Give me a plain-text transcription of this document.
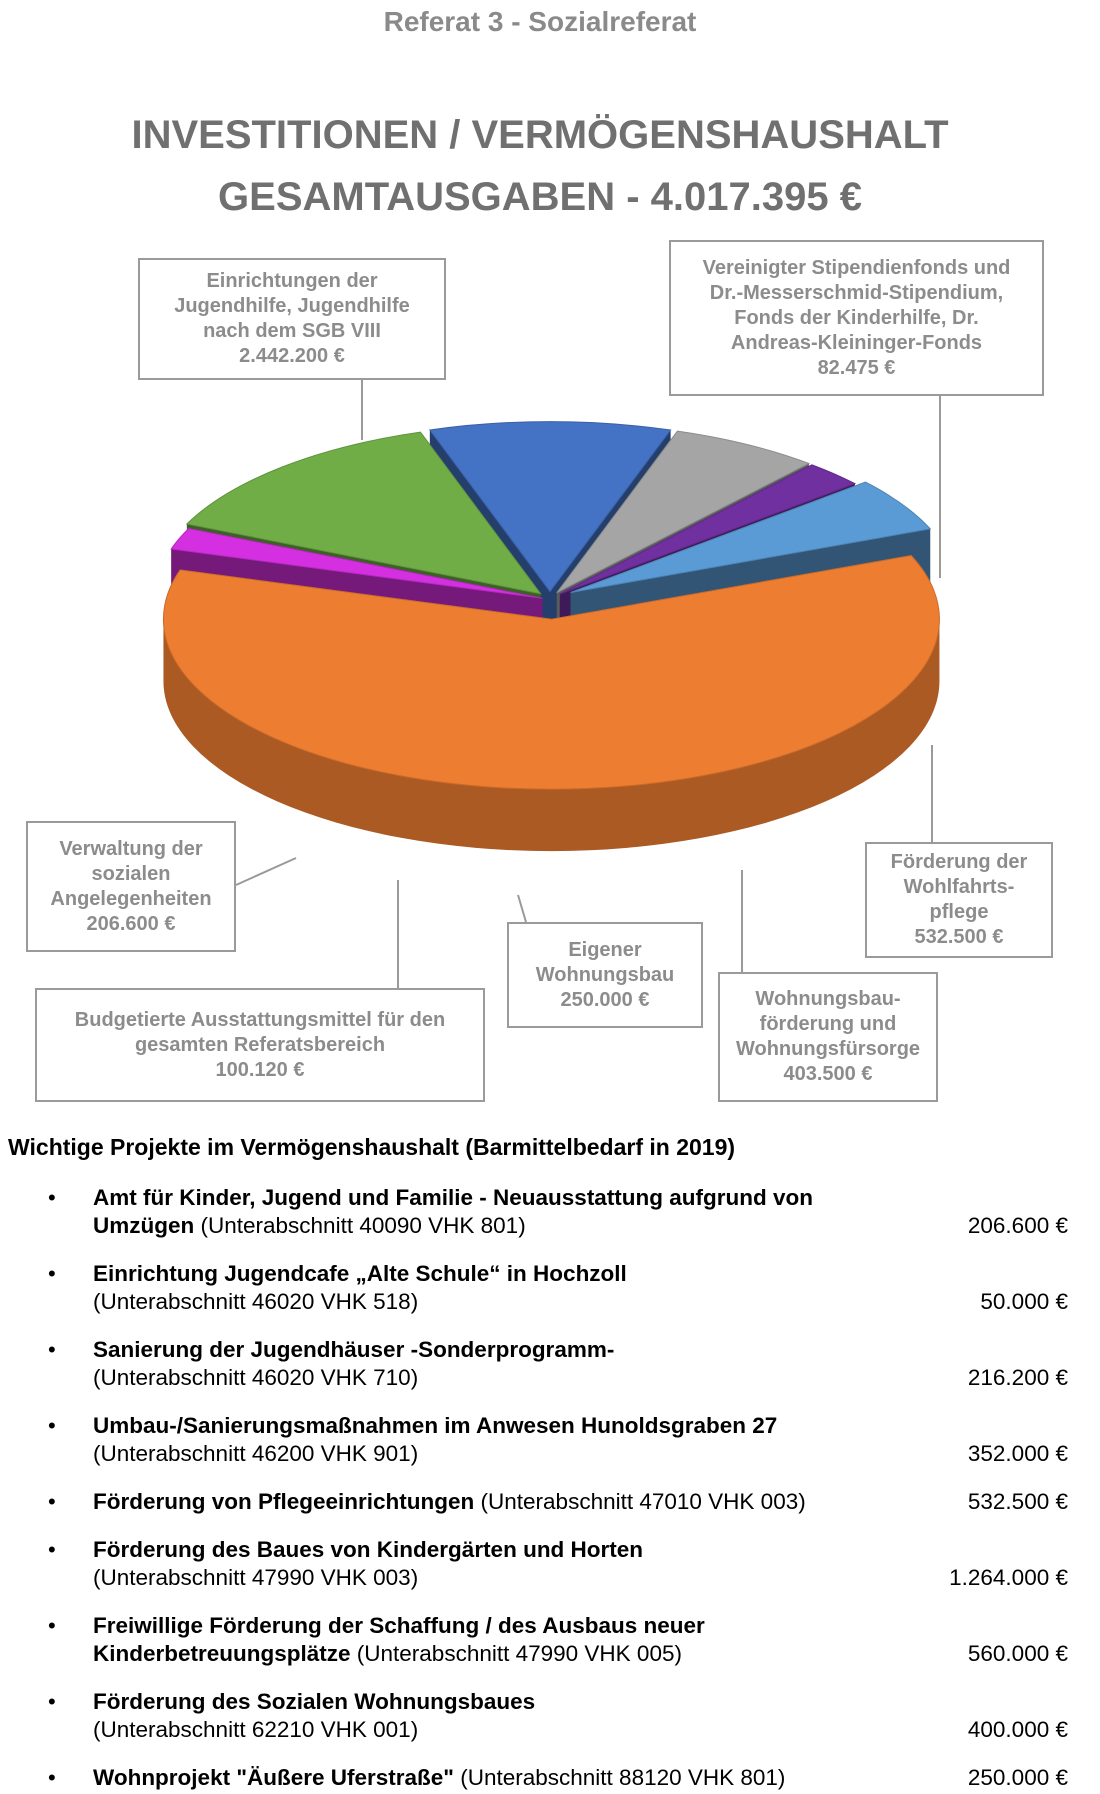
Referat 3 - Sozialreferat
INVESTITIONEN / VERMÖGENSHAUSHALT
GESAMTAUSGABEN - 4.017.395 €
Einrichtungen der
Jugendhilfe, Jugendhilfe
nach dem SGB VIII
2.442.200 €
Vereinigter Stipendienfonds und
Dr.-Messerschmid-Stipendium,
Fonds der Kinderhilfe, Dr.
Andreas-Kleininger-Fonds
82.475 €
Förderung der
Wohlfahrts-
pflege
532.500 €
Wohnungsbau-
förderung und
Wohnungsfürsorge
403.500 €
Eigener
Wohnungsbau
250.000 €
Budgetierte Ausstattungsmittel für den
gesamten Referatsbereich
100.120 €
Verwaltung der
sozialen
Angelegenheiten
206.600 €
Wichtige Projekte im Vermögenshaushalt (Barmittelbedarf in 2019)
• Amt für Kinder, Jugend und Familie - Neuausstattung aufgrund von Umzügen (Unterabschnitt 40090 VHK 801)	206.600 €
• Einrichtung Jugendcafe „Alte Schule“ in Hochzoll
(Unterabschnitt 46020 VHK 518)	50.000 €
• Sanierung der Jugendhäuser -Sonderprogramm-
(Unterabschnitt 46020 VHK 710)	216.200 €
• Umbau-/Sanierungsmaßnahmen im Anwesen Hunoldsgraben 27
(Unterabschnitt 46200 VHK 901)	352.000 €
• Förderung von Pflegeeinrichtungen (Unterabschnitt 47010 VHK 003)	532.500 €
• Förderung des Baues von Kindergärten und Horten
(Unterabschnitt 47990 VHK 003)	1.264.000 €
• Freiwillige Förderung der Schaffung / des Ausbaus neuer Kinderbetreuungsplätze (Unterabschnitt 47990 VHK 005)	560.000 €
• Förderung des Sozialen Wohnungsbaues
(Unterabschnitt 62210 VHK 001)	400.000 €
• Wohnprojekt "Äußere Uferstraße" (Unterabschnitt 88120 VHK 801)	250.000 €
